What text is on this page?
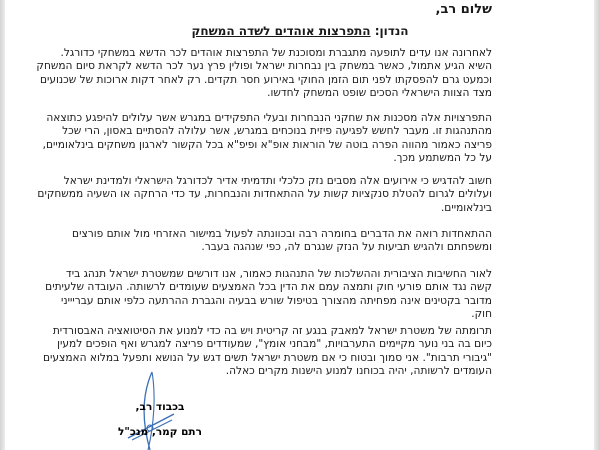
שלום רב,
הנדון: התפרצות אוהדים לשדה המשחק
לאחרונה אנו עדים לתופעה מתגברת ומסוכנת של התפרצות אוהדים לכר הדשא במשחקי כדורגל.
השיא הגיע אתמול, כאשר במשחק בין נבחרות ישראל ופולין פרץ נער לכר הדשא לקראת סיום המשחק
וכמעט גרם להפסקתו לפני תום הזמן החוקי באירוע חסר תקדים. רק לאחר דקות ארוכות של שכנועים
מצד הצוות הישראלי הסכים שופט המשחק לחדשו.
התפרצויות אלה מסכנות את שחקני הנבחרות ובעלי התפקידים במגרש אשר עלולים להיפגע כתוצאה
מהתנהגות זו. מעבר לחשש לפגיעה פיזית בנוכחים במגרש, אשר עלולה להסתיים באסון, הרי שכל
פריצה כאמור מהווה הפרה בוטה של הוראות אופ"א ופיפ"א בכל הקשור לארגון משחקים בינלאומיים,
על כל המשתמע מכך.
חשוב להדגיש כי אירועים אלה מסבים נזק כלכלי ותדמיתי אדיר לכדורגל הישראלי ולמדינת ישראל
ועלולים לגרום להטלת סנקציות קשות על ההתאחדות והנבחרות, עד כדי הרחקה או השעיה ממשחקים
בינלאומיים.
ההתאחדות רואה את הדברים בחומרה רבה ובכוונתה לפעול במישור האזרחי מול אותם פורצים
ומשפחתם ולהגיש תביעות על הנזק שנגרם לה, כפי שנהגה בעבר.
לאור החשיבות הציבורית וההשלכות של התנהגות כאמור, אנו דורשים שמשטרת ישראל תנהג ביד
קשה נגד אותם פורעי חוק ותמצה עמם את הדין בכל האמצעים שעומדים לרשותה. העובדה שלעיתים
מדובר בקטינים אינה מפחיתה מהצורך בטיפול שורש בבעיה והגברת ההרתעה כלפי אותם עבריייני
חוק.
תרומתה של משטרת ישראל למאבק בנגע זה קריטית ויש בה כדי למנוע את הסיטואציה האבסורדית
כיום בה בני נוער מקיימים התערבויות, "מבחני אומץ", שמעודדים פריצה למגרש ואף הופכים למעין
"גיבורי תרבות". אני סמוך ובטוח כי אם משטרת ישראל תשים דגש על הנושא ותפעל במלוא האמצעים
העומדים לרשותה, יהיה בכוחנו למנוע הישנות מקרים כאלה.
בכבוד רב,
רתם קמר, מנכ"ל
